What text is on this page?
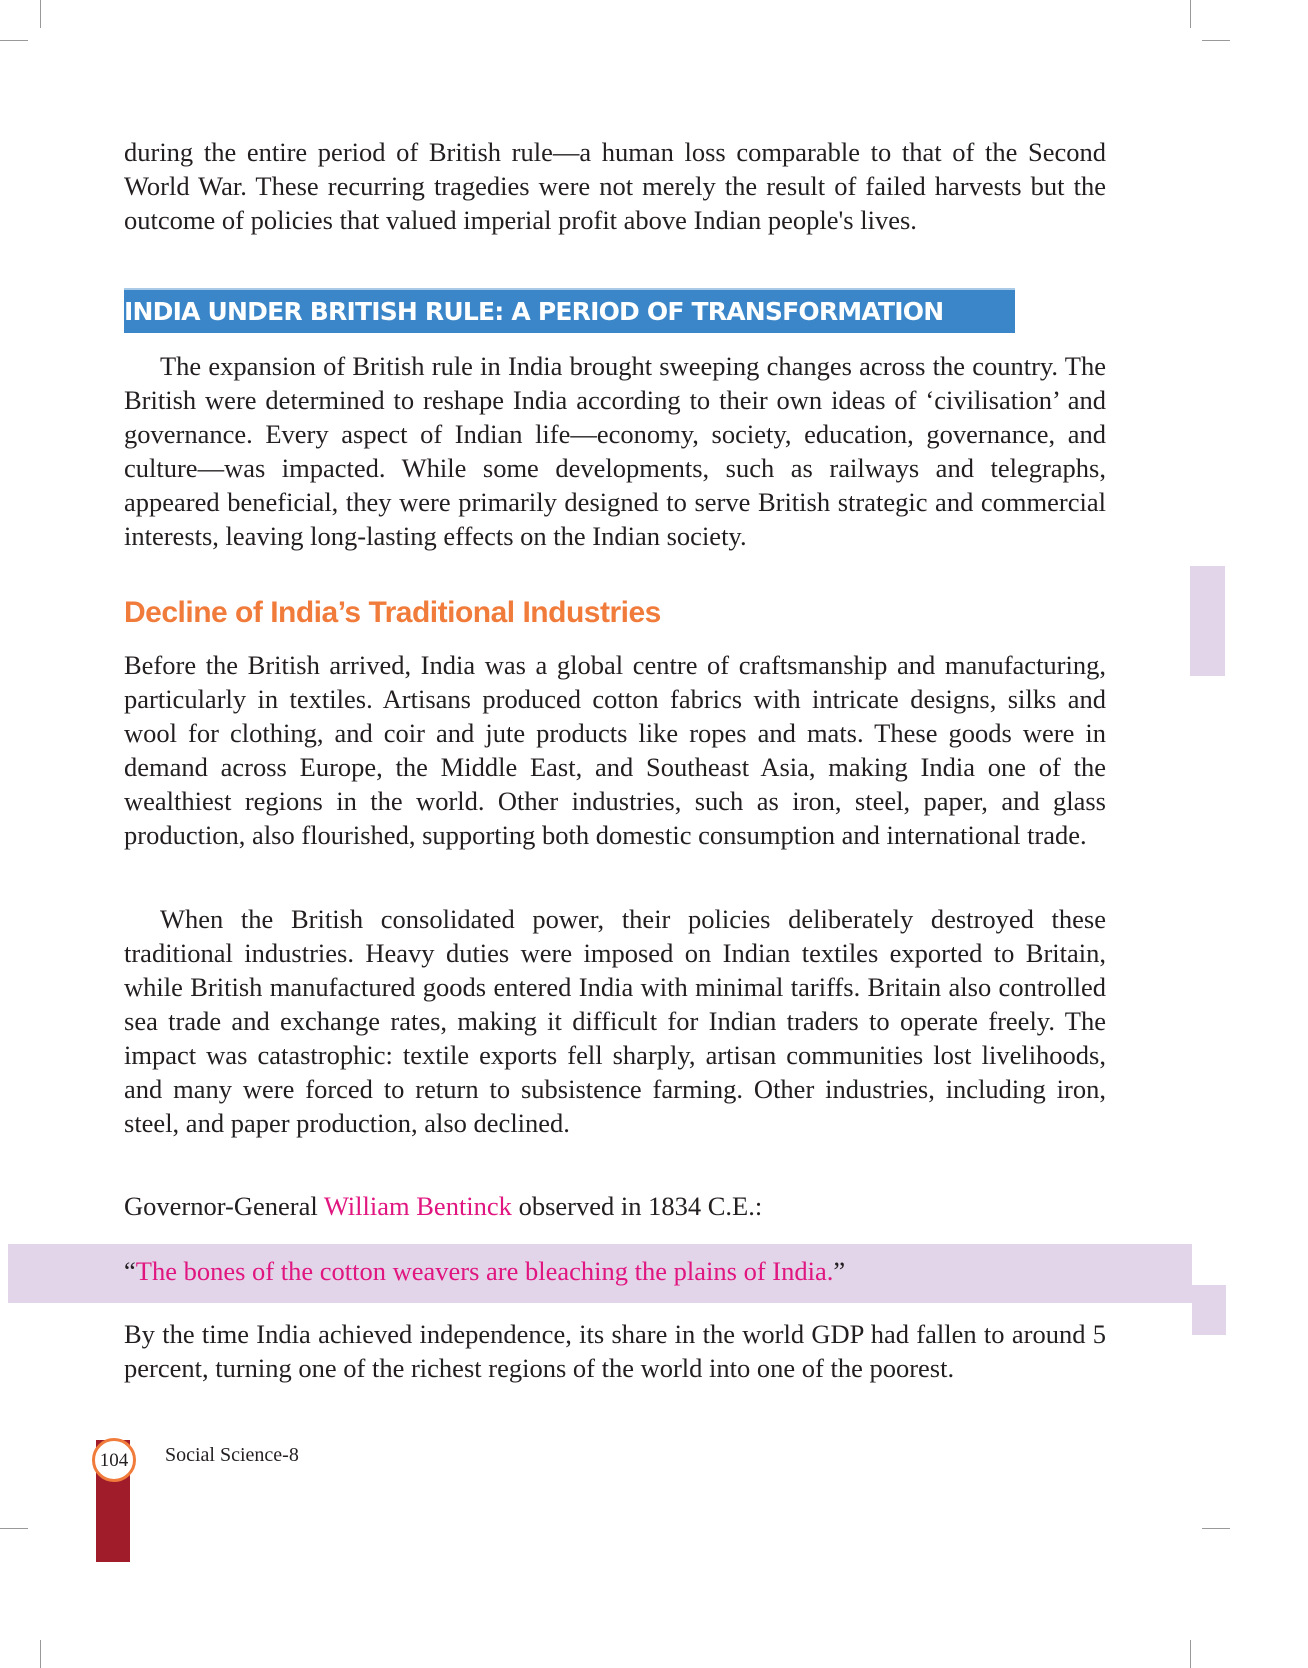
during the entire period of British rule—a human loss comparable to that of the Second World War. These recurring tragedies were not merely the result of failed harvests but the outcome of policies that valued imperial profit above Indian people's lives.

INDIA UNDER BRITISH RULE: A PERIOD OF TRANSFORMATION

The expansion of British rule in India brought sweeping changes across the country. The British were determined to reshape India according to their own ideas of ‘civilisation’ and governance. Every aspect of Indian life—economy, society, education, governance, and culture—was impacted. While some developments, such as railways and telegraphs, appeared beneficial, they were primarily designed to serve British strategic and commercial interests, leaving long-lasting effects on the Indian society.

Decline of India’s Traditional Industries

Before the British arrived, India was a global centre of craftsmanship and manufacturing, particularly in textiles. Artisans produced cotton fabrics with intricate designs, silks and wool for clothing, and coir and jute products like ropes and mats. These goods were in demand across Europe, the Middle East, and Southeast Asia, making India one of the wealthiest regions in the world. Other industries, such as iron, steel, paper, and glass production, also flourished, supporting both domestic consumption and international trade.

When the British consolidated power, their policies deliberately destroyed these traditional industries. Heavy duties were imposed on Indian textiles exported to Britain, while British manufactured goods entered India with minimal tariffs. Britain also controlled sea trade and exchange rates, making it difficult for Indian traders to operate freely. The impact was catastrophic: textile exports fell sharply, artisan communities lost livelihoods, and many were forced to return to subsistence farming. Other industries, including iron, steel, and paper production, also declined.

Governor-General William Bentinck observed in 1834 C.E.:

“The bones of the cotton weavers are bleaching the plains of India.”

By the time India achieved independence, its share in the world GDP had fallen to around 5 percent, turning one of the richest regions of the world into one of the poorest.

104	Social Science-8
